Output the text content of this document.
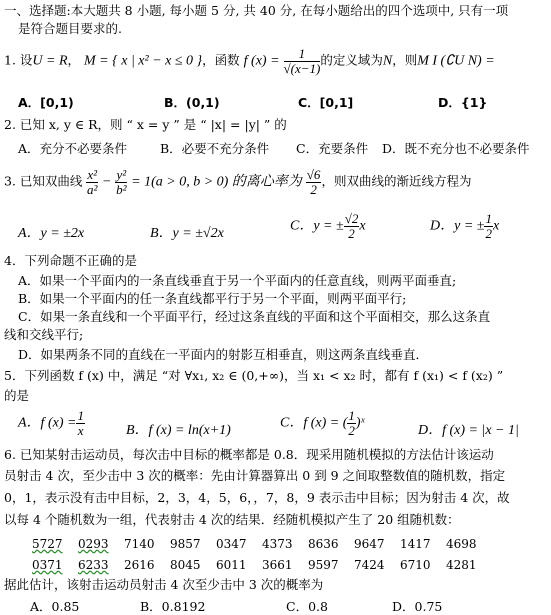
一、选择题:本大题共 8 小题, 每小题 5 分, 共 40 分, 在每小题给出的四个选项中, 只有一项
是符合题目要求的.
1. 设U = R， M = { x | x² − x ≤ 0 }，函数 f $(x) = \frac{1}{√(x-1)}$ 的定义域为N，则M I (∁U N) =
A．[0,1)	B．(0,1)	C．[0,1]	D．{1}
2. 已知 x, y ∈ R，则 “ x = y ” 是 “ |x| = |y| ” 的
A．充分不必要条件	B．必要不充分条件 C．充要条件 D．既不充分也不必要条件
3. 已知双曲线 $\frac{\text{x²}}{\text{a²}} - \frac{\text{y²}}{\text{b²}} = 1(a > 0$, b > 0) 的离心率为 $\frac{√6}{2}$ ，则双曲线的渐近线方程为
A．y = ±2x	B．y = ±√2x	C．y = ± $\frac{√2}{2}$ x	D．y = ± $\frac{1}{2}$ x
4．下列命题不正确的是
A．如果一个平面内的一条直线垂直于另一个平面内的任意直线，则两平面垂直;
B．如果一个平面内的任一条直线都平行于另一个平面，则两平面平行;
C．如果一条直线和一个平面平行，经过这条直线的平面和这个平面相交，那么这条直
线和交线平行;
D．如果两条不同的直线在一平面内的射影互相垂直，则这两条直线垂直．
5．下列函数 f (x) 中，满足 “对 ∀x₁, x₂ ∈ (0,+∞)，当 x₁ < x₂ 时，都有 f (x₁) < f (x₂) ”
的是
A．f $(x) = \frac{1}{x}$	B．f (x) = ln(x+1)	C．f (x) = ( $\frac{1}{2}$ )ˣ	D．f (x) = |x − 1|
6. 已知某射击运动员，每次击中目标的概率都是 0.8．现采用随机模拟的方法估计该运动
员射击 4 次，至少击中 3 次的概率：先由计算器算出 0 到 9 之间取整数值的随机数，指定
0，1，表示没有击中目标，2，3，4，5，6，，7，8，9 表示击中目标；因为射击 4 次，故
以每 4 个随机数为一组，代表射击 4 次的结果．经随机模拟产生了 20 组随机数：
5727 0293 7140 9857 0347 4373 8636 9647 1417 4698
0371 6233 2616 8045 6011 3661 9597 7424 6710 4281
据此估计，该射击运动员射击 4 次至少击中 3 次的概率为
A．0.85	B．0.8192	C．0.8	D．0.75
